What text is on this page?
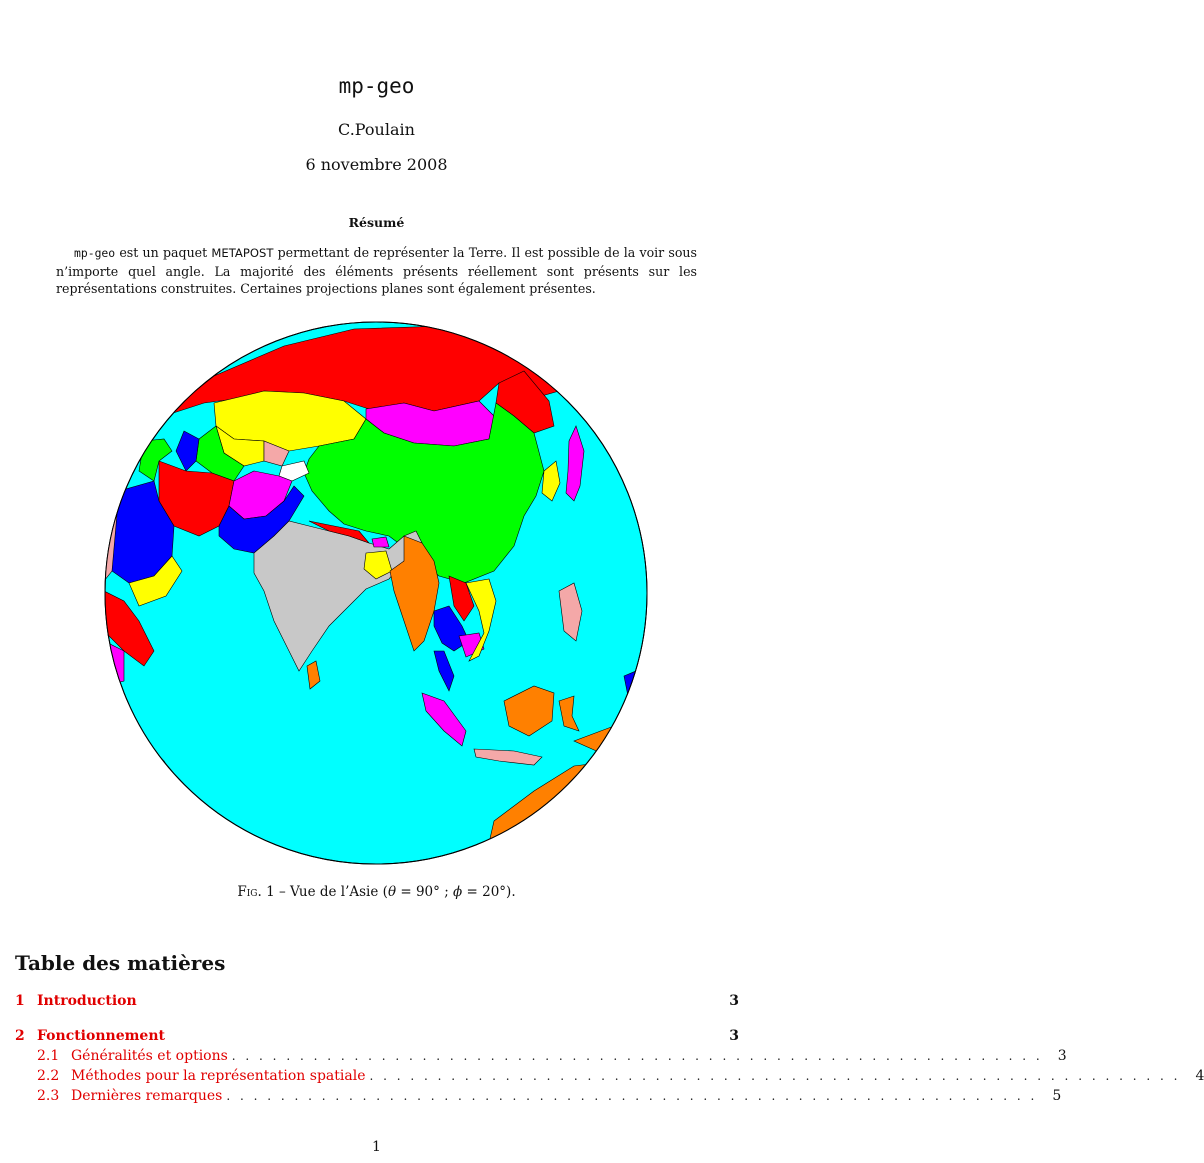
mp-geo
C.Poulain
6 novembre 2008
Résumé
mp-geo est un paquet METAPOST permettant de représenter la Terre. Il est possible de la voir sous n’importe quel angle. La majorité des éléments présents réellement sont présents sur les représentations construites. Certaines projections planes sont également présentes.
Fig. 1 – Vue de l’Asie (θ = 90° ; ϕ = 20°).
Table des matières
1 Introduction	3
2 Fonctionnement	3
2.1 Généralités et options . . . . . . . . . . . . . . . . . . . . . . . . . . . . . . . . . . . . . . . . . . . . . . . . . . . . . . . . . . . .	3
2.2 Méthodes pour la représentation spatiale . . . . . . . . . . . . . . . . . . . . . . . . . . . . . . . . . . . . . . . . . . . . . . . . . . . . . . . . . . . .	4
2.3 Dernières remarques . . . . . . . . . . . . . . . . . . . . . . . . . . . . . . . . . . . . . . . . . . . . . . . . . . . . . . . . . . . .	5
1
